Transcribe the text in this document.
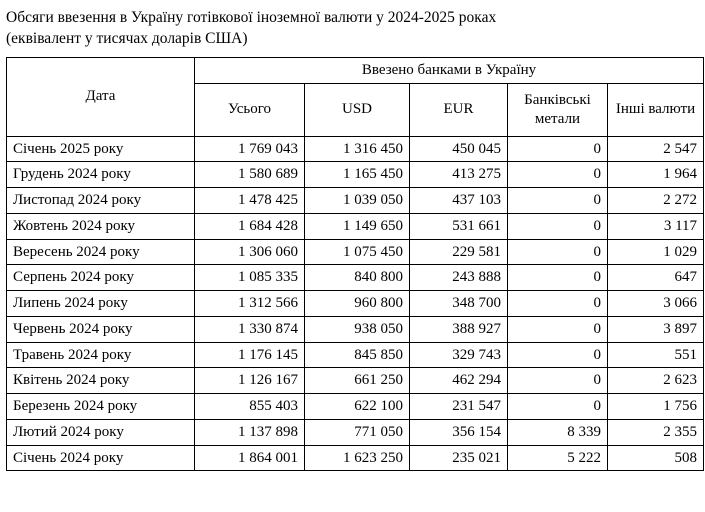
Обсяги ввезення в Україну готівкової іноземної валюти у 2024-2025 роках
(еквівалент у тисячах доларів США)
Дата	Ввезено банками в Україну				
	Усього	USD	EUR	Банківські метали	Інші валюти
Січень 2025 року	1 769 043	1 316 450	450 045	0	2 547
Грудень 2024 року	1 580 689	1 165 450	413 275	0	1 964
Листопад 2024 року	1 478 425	1 039 050	437 103	0	2 272
Жовтень 2024 року	1 684 428	1 149 650	531 661	0	3 117
Вересень 2024 року	1 306 060	1 075 450	229 581	0	1 029
Серпень 2024 року	1 085 335	840 800	243 888	0	647
Липень 2024 року	1 312 566	960 800	348 700	0	3 066
Червень 2024 року	1 330 874	938 050	388 927	0	3 897
Травень 2024 року	1 176 145	845 850	329 743	0	551
Квітень 2024 року	1 126 167	661 250	462 294	0	2 623
Березень 2024 року	855 403	622 100	231 547	0	1 756
Лютий 2024 року	1 137 898	771 050	356 154	8 339	2 355
Січень 2024 року	1 864 001	1 623 250	235 021	5 222	508
